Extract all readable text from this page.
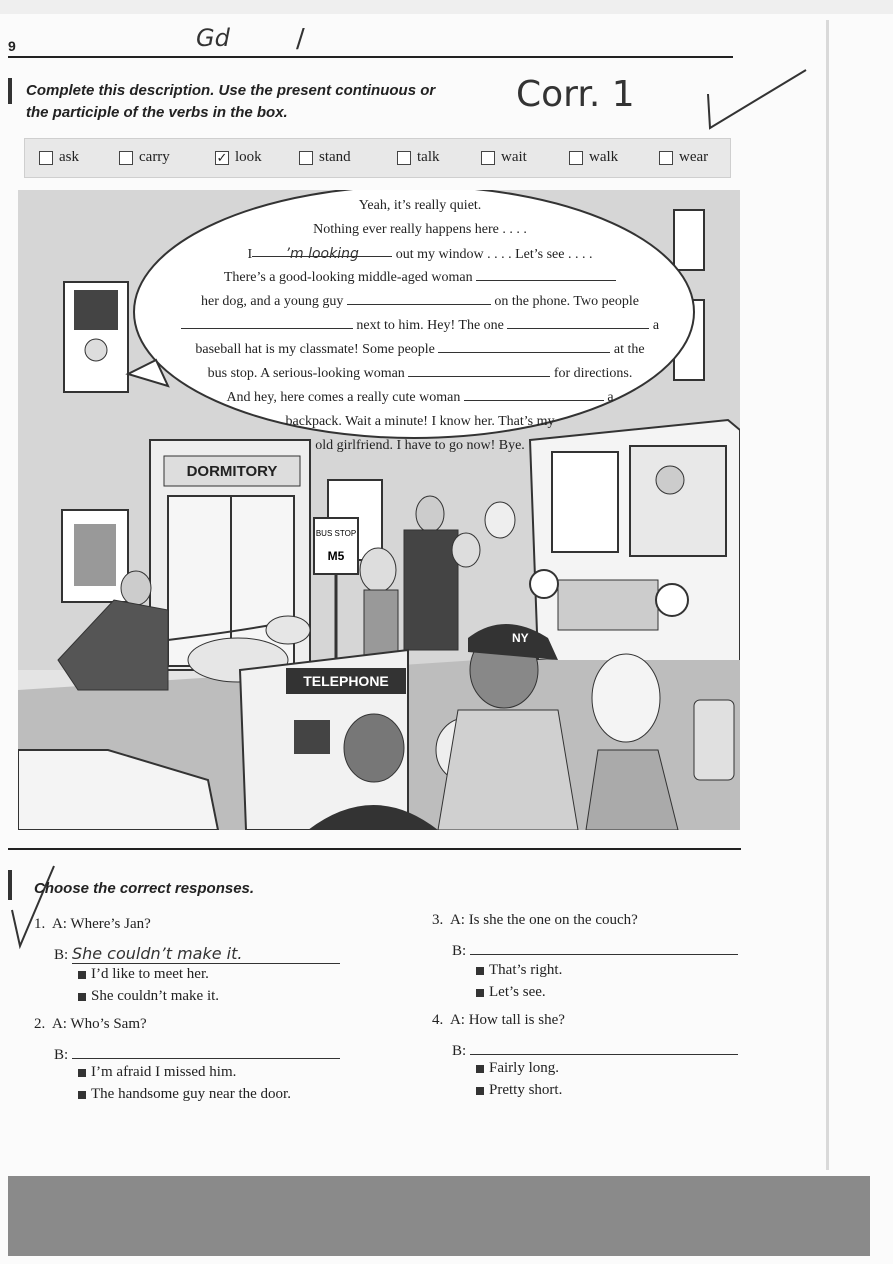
9	Gd	/
Corr. 1
Complete this description. Use the present continuous or
the participle of the verbs in the box.
ask	carry	✓ look	stand	talk	wait	walk	wear
DORMITORY
BUS STOP
M5
TELEPHONE
NY
Yeah, it’s really quiet.
Nothing ever really happens here . . . .
I ’m looking	out my window . . . . Let’s see . . . .
There’s a good-looking middle-aged woman
her dog, and a young guy	on the phone. Two people
next to him. Hey! The one	a
baseball hat is my classmate! Some people	at the
bus stop. A serious-looking woman	for directions.
And hey, here comes a really cute woman	a
backpack. Wait a minute! I know her. That’s my
old girlfriend. I have to go now! Bye.
Choose the correct responses.
1. A: Where’s Jan?
B: She couldn’t make it.
I’d like to meet her.
She couldn’t make it.
2. A: Who’s Sam?
B:
I’m afraid I missed him.
The handsome guy near the door.
3. A: Is she the one on the couch?
B:
That’s right.
Let’s see.
4. A: How tall is she?
B:
Fairly long.
Pretty short.
